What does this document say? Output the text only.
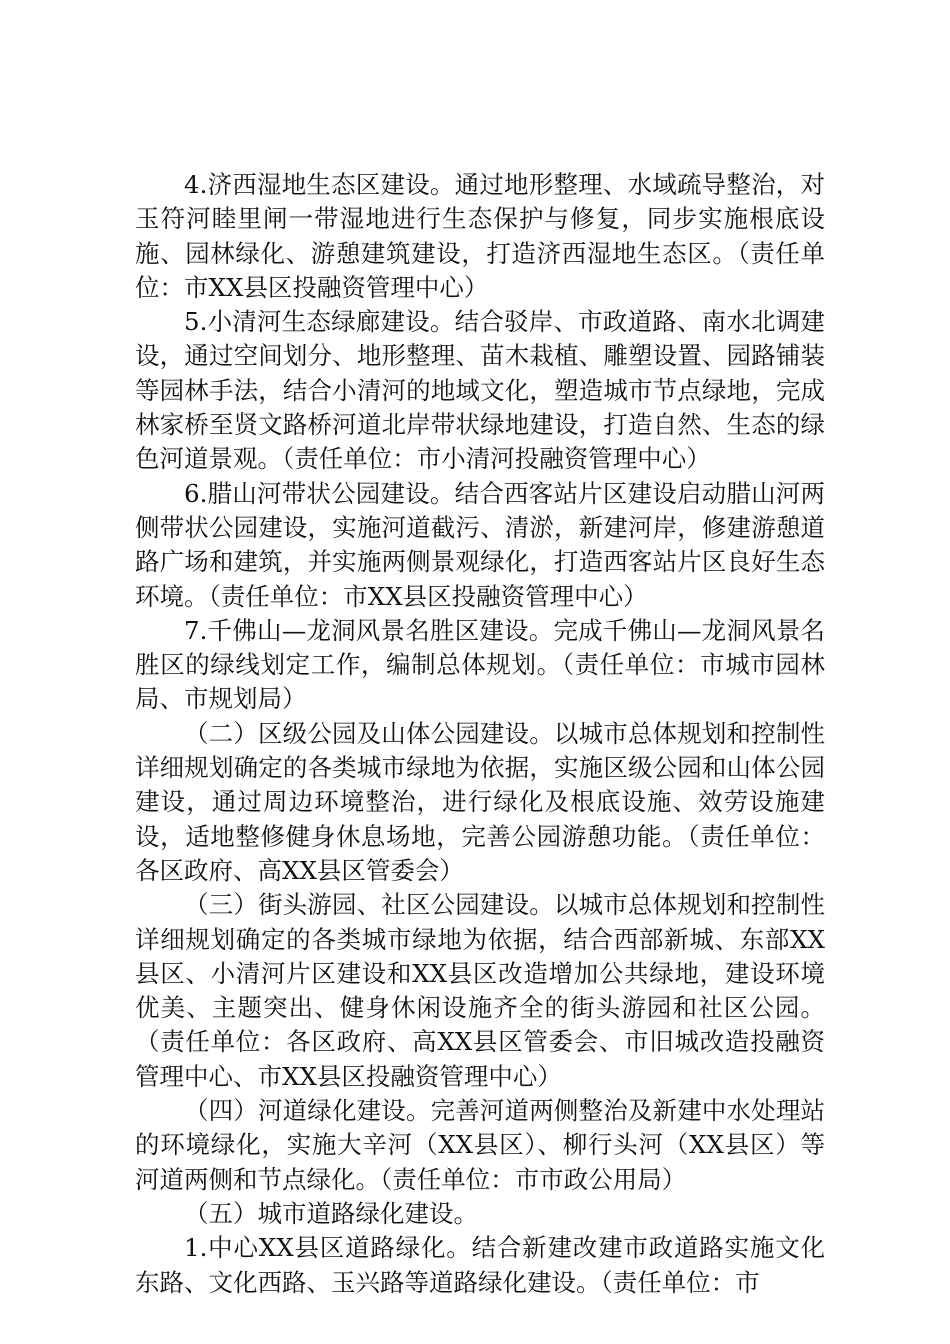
4.济西湿地生态区建设。通过地形整理、水域疏导整治，对玉符河睦里闸一带湿地进行生态保护与修复，同步实施根底设施、园林绿化、游憩建筑建设，打造济西湿地生态区。（责任单位：市XX县区投融资管理中心）

5.小清河生态绿廊建设。结合驳岸、市政道路、南水北调建设，通过空间划分、地形整理、苗木栽植、雕塑设置、园路铺装等园林手法，结合小清河的地域文化，塑造城市节点绿地，完成林家桥至贤文路桥河道北岸带状绿地建设，打造自然、生态的绿色河道景观。（责任单位：市小清河投融资管理中心）

6.腊山河带状公园建设。结合西客站片区建设启动腊山河两侧带状公园建设，实施河道截污、清淤，新建河岸，修建游憩道路广场和建筑，并实施两侧景观绿化，打造西客站片区良好生态环境。（责任单位：市XX县区投融资管理中心）

7.千佛山—龙洞风景名胜区建设。完成千佛山—龙洞风景名胜区的绿线划定工作，编制总体规划。（责任单位：市城市园林局、市规划局）

（二）区级公园及山体公园建设。以城市总体规划和控制性详细规划确定的各类城市绿地为依据，实施区级公园和山体公园建设，通过周边环境整治，进行绿化及根底设施、效劳设施建设，适地整修健身休息场地，完善公园游憩功能。（责任单位：各区政府、高XX县区管委会）

（三）街头游园、社区公园建设。以城市总体规划和控制性详细规划确定的各类城市绿地为依据，结合西部新城、东部XX县区、小清河片区建设和XX县区改造增加公共绿地，建设环境优美、主题突出、健身休闲设施齐全的街头游园和社区公园。（责任单位：各区政府、高XX县区管委会、市旧城改造投融资管理中心、市XX县区投融资管理中心）

（四）河道绿化建设。完善河道两侧整治及新建中水处理站的环境绿化，实施大辛河（XX县区）、柳行头河（XX县区）等河道两侧和节点绿化。（责任单位：市市政公用局）

（五）城市道路绿化建设。

1.中心XX县区道路绿化。结合新建改建市政道路实施文化东路、文化西路、玉兴路等道路绿化建设。（责任单位：市
